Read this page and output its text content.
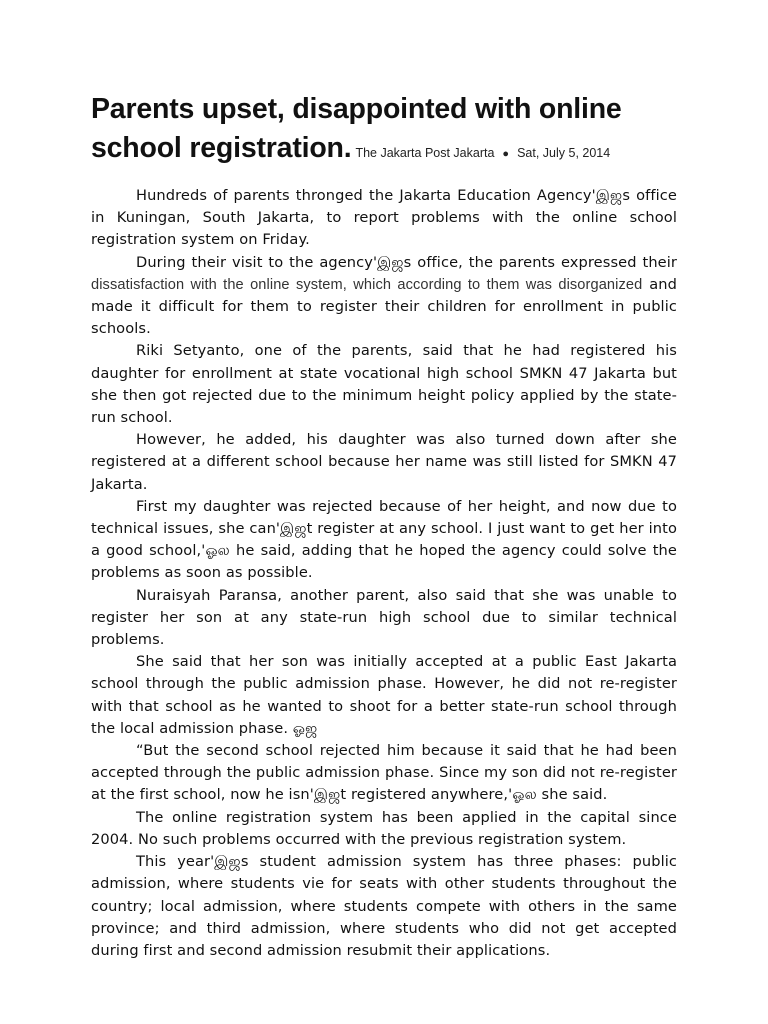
Parents upset, disappointed with online school registration. The Jakarta Post Jakarta ● Sat, July 5, 2014

Hundreds of parents thronged the Jakarta Education Agency'இஜs office in Kuningan, South Jakarta, to report problems with the online school registration system on Friday.

During their visit to the agency'இஜs office, the parents expressed their dissatisfaction with the online system, which according to them was disorganized and made it difficult for them to register their children for enrollment in public schools.

Riki Setyanto, one of the parents, said that he had registered his daughter for enrollment at state vocational high school SMKN 47 Jakarta but she then got rejected due to the minimum height policy applied by the state-run school.

However, he added, his daughter was also turned down after she registered at a different school because her name was still listed for SMKN 47 Jakarta.

First my daughter was rejected because of her height, and now due to technical issues, she can'இஜt register at any school. I just want to get her into a good school,'ஓல he said, adding that he hoped the agency could solve the problems as soon as possible.

Nuraisyah Paransa, another parent, also said that she was unable to register her son at any state-run high school due to similar technical problems.

She said that her son was initially accepted at a public East Jakarta school through the public admission phase. However, he did not re-register with that school as he wanted to shoot for a better state-run school through the local admission phase. ஓஜ

“But the second school rejected him because it said that he had been accepted through the public admission phase. Since my son did not re-register at the first school, now he isn'இஜt registered anywhere,'ஓல she said.

The online registration system has been applied in the capital since 2004. No such problems occurred with the previous registration system.

This year'இஜs student admission system has three phases: public admission, where students vie for seats with other students throughout the country; local admission, where students compete with others in the same province; and third admission, where students who did not get accepted during first and second admission resubmit their applications.
